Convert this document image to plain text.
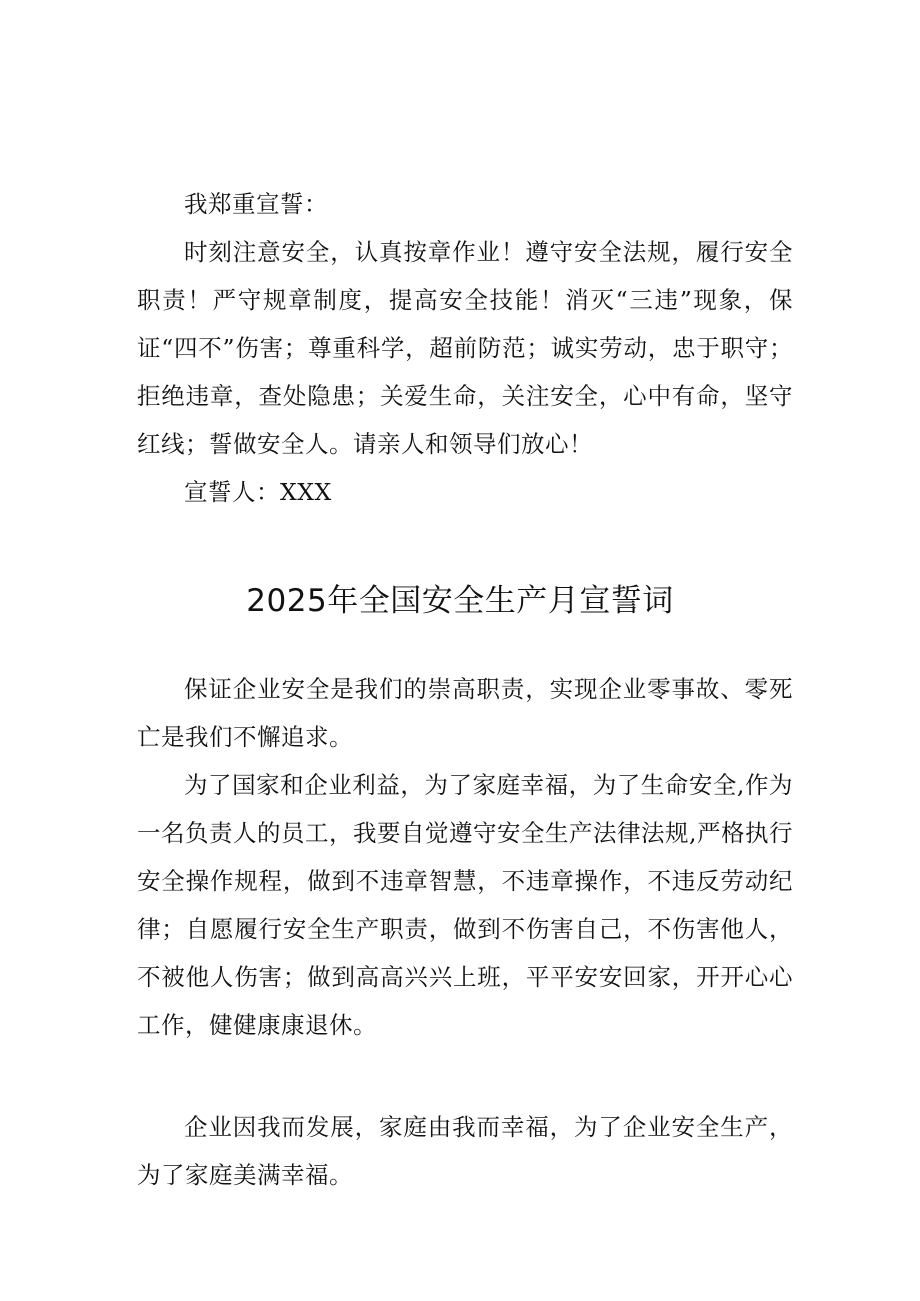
我郑重宣誓：

时刻注意安全，认真按章作业！遵守安全法规，履行安全职责！严守规章制度，提高安全技能！消灭“三违”现象，保证“四不”伤害；尊重科学，超前防范；诚实劳动，忠于职守；拒绝违章，查处隐患；关爱生命，关注安全，心中有命，坚守红线；誓做安全人。请亲人和领导们放心！

宣誓人：XXX

2025年全国安全生产月宣誓词

保证企业安全是我们的崇高职责，实现企业零事故、零死亡是我们不懈追求。

为了国家和企业利益，为了家庭幸福，为了生命安全,作为一名负责人的员工，我要自觉遵守安全生产法律法规,严格执行安全操作规程，做到不违章智慧，不违章操作，不违反劳动纪律；自愿履行安全生产职责，做到不伤害自己，不伤害他人，不被他人伤害；做到高高兴兴上班，平平安安回家，开开心心工作，健健康康退休。

企业因我而发展，家庭由我而幸福，为了企业安全生产，为了家庭美满幸福。
